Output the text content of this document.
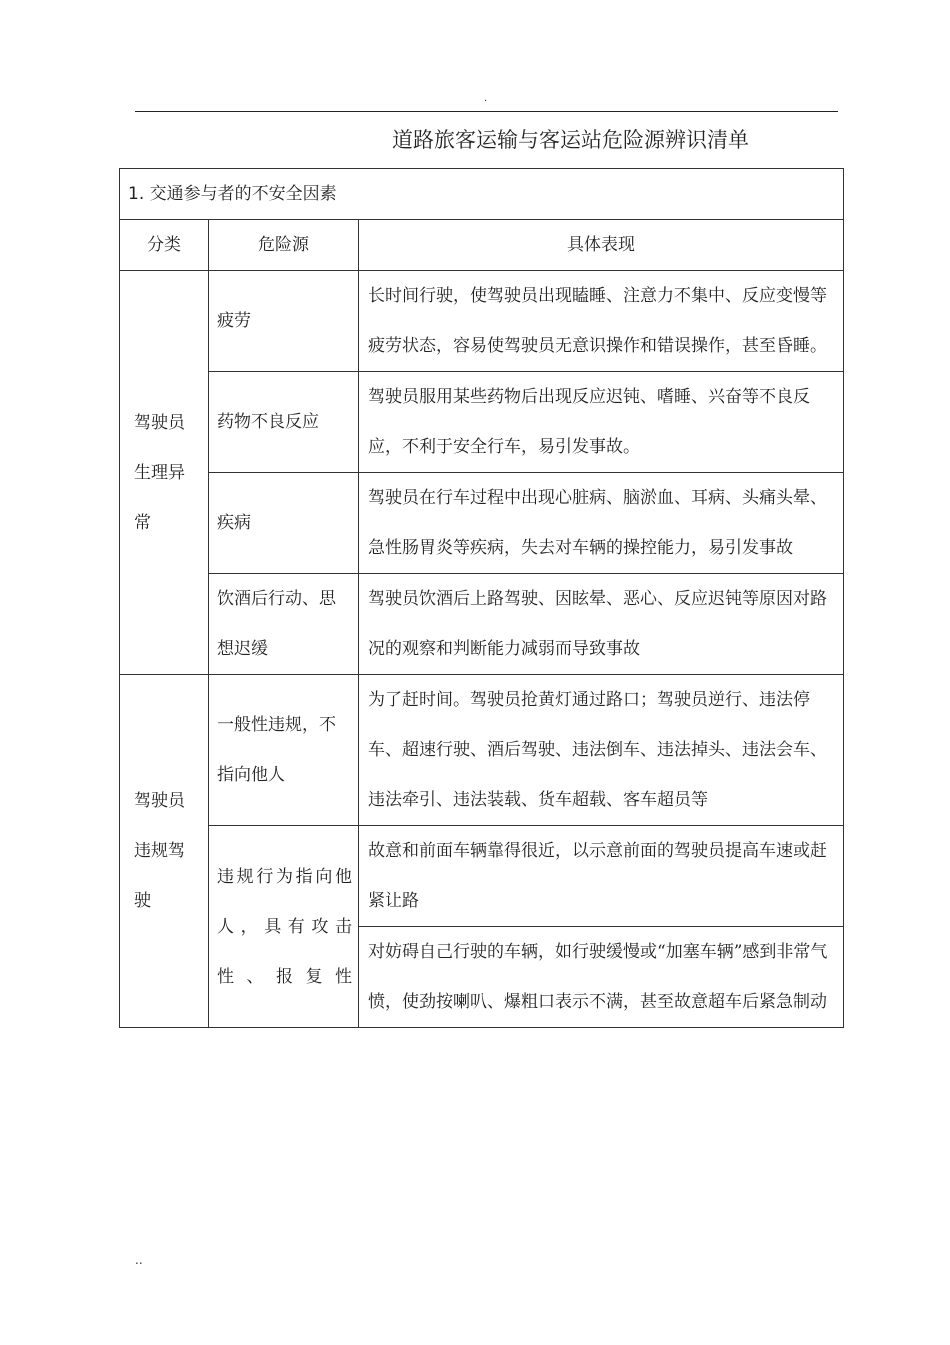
.
道路旅客运输与客运站危险源辨识清单
1. 交通参与者的不安全因素		
分类	危险源	具体表现
驾驶员生理异常	疲劳	长时间行驶，使驾驶员出现瞌睡、注意力不集中、反应变慢等疲劳状态，容易使驾驶员无意识操作和错误操作，甚至昏睡。
	药物不良反应	驾驶员服用某些药物后出现反应迟钝、嗜睡、兴奋等不良反应，不利于安全行车，易引发事故。
	疾病	驾驶员在行车过程中出现心脏病、脑淤血、耳病、头痛头晕、急性肠胃炎等疾病，失去对车辆的操控能力，易引发事故
	饮酒后行动、思想迟缓	驾驶员饮酒后上路驾驶、因眩晕、恶心、反应迟钝等原因对路况的观察和判断能力减弱而导致事故
驾驶员违规驾驶	一般性违规，不指向他人	为了赶时间。驾驶员抢黄灯通过路口；驾驶员逆行、违法停车、超速行驶、酒后驾驶、违法倒车、违法掉头、违法会车、违法牵引、违法装载、货车超载、客车超员等
	违规行为指向他人，具有攻击性、报复性	故意和前面车辆靠得很近，以示意前面的驾驶员提高车速或赶紧让路
		对妨碍自己行驶的车辆，如行驶缓慢或“加塞车辆”感到非常气愤，使劲按喇叭、爆粗口表示不满，甚至故意超车后紧急制动
..
